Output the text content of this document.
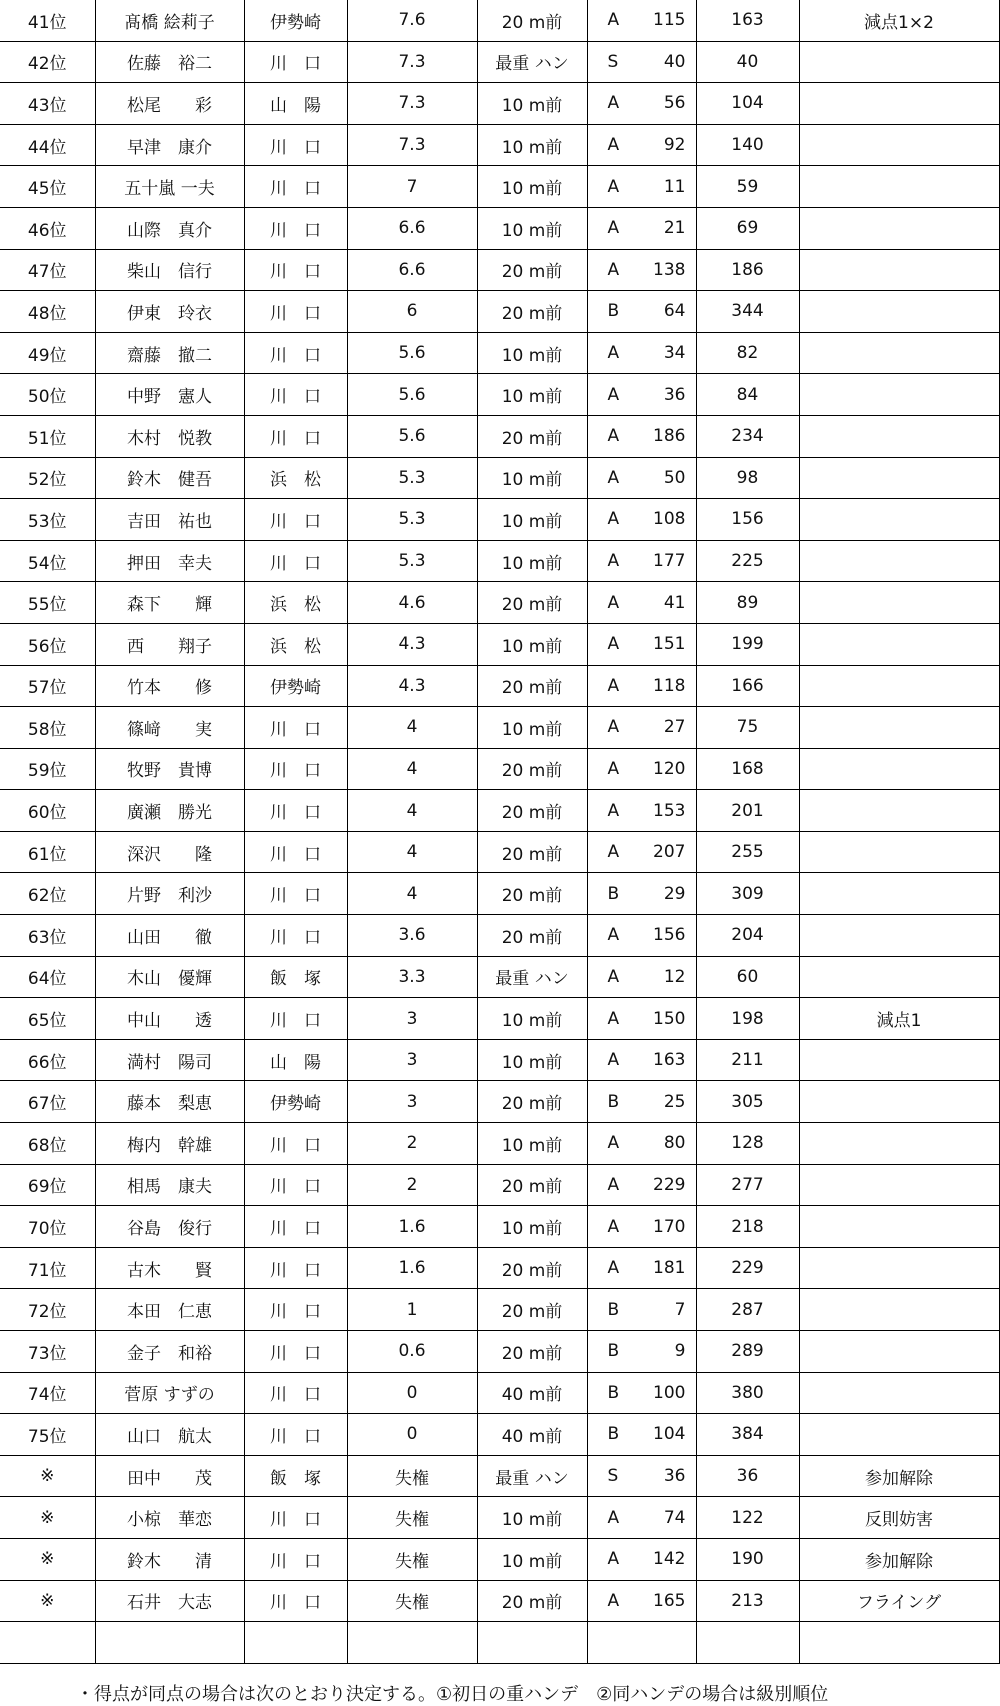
41位	髙橋 絵莉子	伊勢崎	7.6	20 m前	A 115	163	減点1×2
42位	佐藤　裕二	川　口	7.3	最重 ハン	S 40	40	
43位	松尾　　彩	山　陽	7.3	10 m前	A 56	104	
44位	早津　康介	川　口	7.3	10 m前	A 92	140	
45位	五十嵐 一夫	川　口	7	10 m前	A 11	59	
46位	山際　真介	川　口	6.6	10 m前	A 21	69	
47位	柴山　信行	川　口	6.6	20 m前	A 138	186	
48位	伊東　玲衣	川　口	6	20 m前	B 64	344	
49位	齋藤　撤二	川　口	5.6	10 m前	A 34	82	
50位	中野　憲人	川　口	5.6	10 m前	A 36	84	
51位	木村　悦教	川　口	5.6	20 m前	A 186	234	
52位	鈴木　健吾	浜　松	5.3	10 m前	A 50	98	
53位	吉田　祐也	川　口	5.3	10 m前	A 108	156	
54位	押田　幸夫	川　口	5.3	10 m前	A 177	225	
55位	森下　　輝	浜　松	4.6	20 m前	A 41	89	
56位	西　　翔子	浜　松	4.3	10 m前	A 151	199	
57位	竹本　　修	伊勢崎	4.3	20 m前	A 118	166	
58位	篠﨑　　実	川　口	4	10 m前	A 27	75	
59位	牧野　貴博	川　口	4	20 m前	A 120	168	
60位	廣瀬　勝光	川　口	4	20 m前	A 153	201	
61位	深沢　　隆	川　口	4	20 m前	A 207	255	
62位	片野　利沙	川　口	4	20 m前	B 29	309	
63位	山田　　徹	川　口	3.6	20 m前	A 156	204	
64位	木山　優輝	飯　塚	3.3	最重 ハン	A 12	60	
65位	中山　　透	川　口	3	10 m前	A 150	198	減点1
66位	満村　陽司	山　陽	3	10 m前	A 163	211	
67位	藤本　梨恵	伊勢崎	3	20 m前	B 25	305	
68位	梅内　幹雄	川　口	2	10 m前	A 80	128	
69位	相馬　康夫	川　口	2	20 m前	A 229	277	
70位	谷島　俊行	川　口	1.6	10 m前	A 170	218	
71位	古木　　賢	川　口	1.6	20 m前	A 181	229	
72位	本田　仁恵	川　口	1	20 m前	B 7	287	
73位	金子　和裕	川　口	0.6	20 m前	B 9	289	
74位	菅原 すずの	川　口	0	40 m前	B 100	380	
75位	山口　航太	川　口	0	40 m前	B 104	384	
※	田中　　茂	飯　塚	失権	最重 ハン	S 36	36	参加解除
※	小椋　華恋	川　口	失権	10 m前	A 74	122	反則妨害
※	鈴木　　清	川　口	失権	10 m前	A 142	190	参加解除
※	石井　大志	川　口	失権	20 m前	A 165	213	フライング

・得点が同点の場合は次のとおり決定する。①初日の重ハンデ　②同ハンデの場合は級別順位
